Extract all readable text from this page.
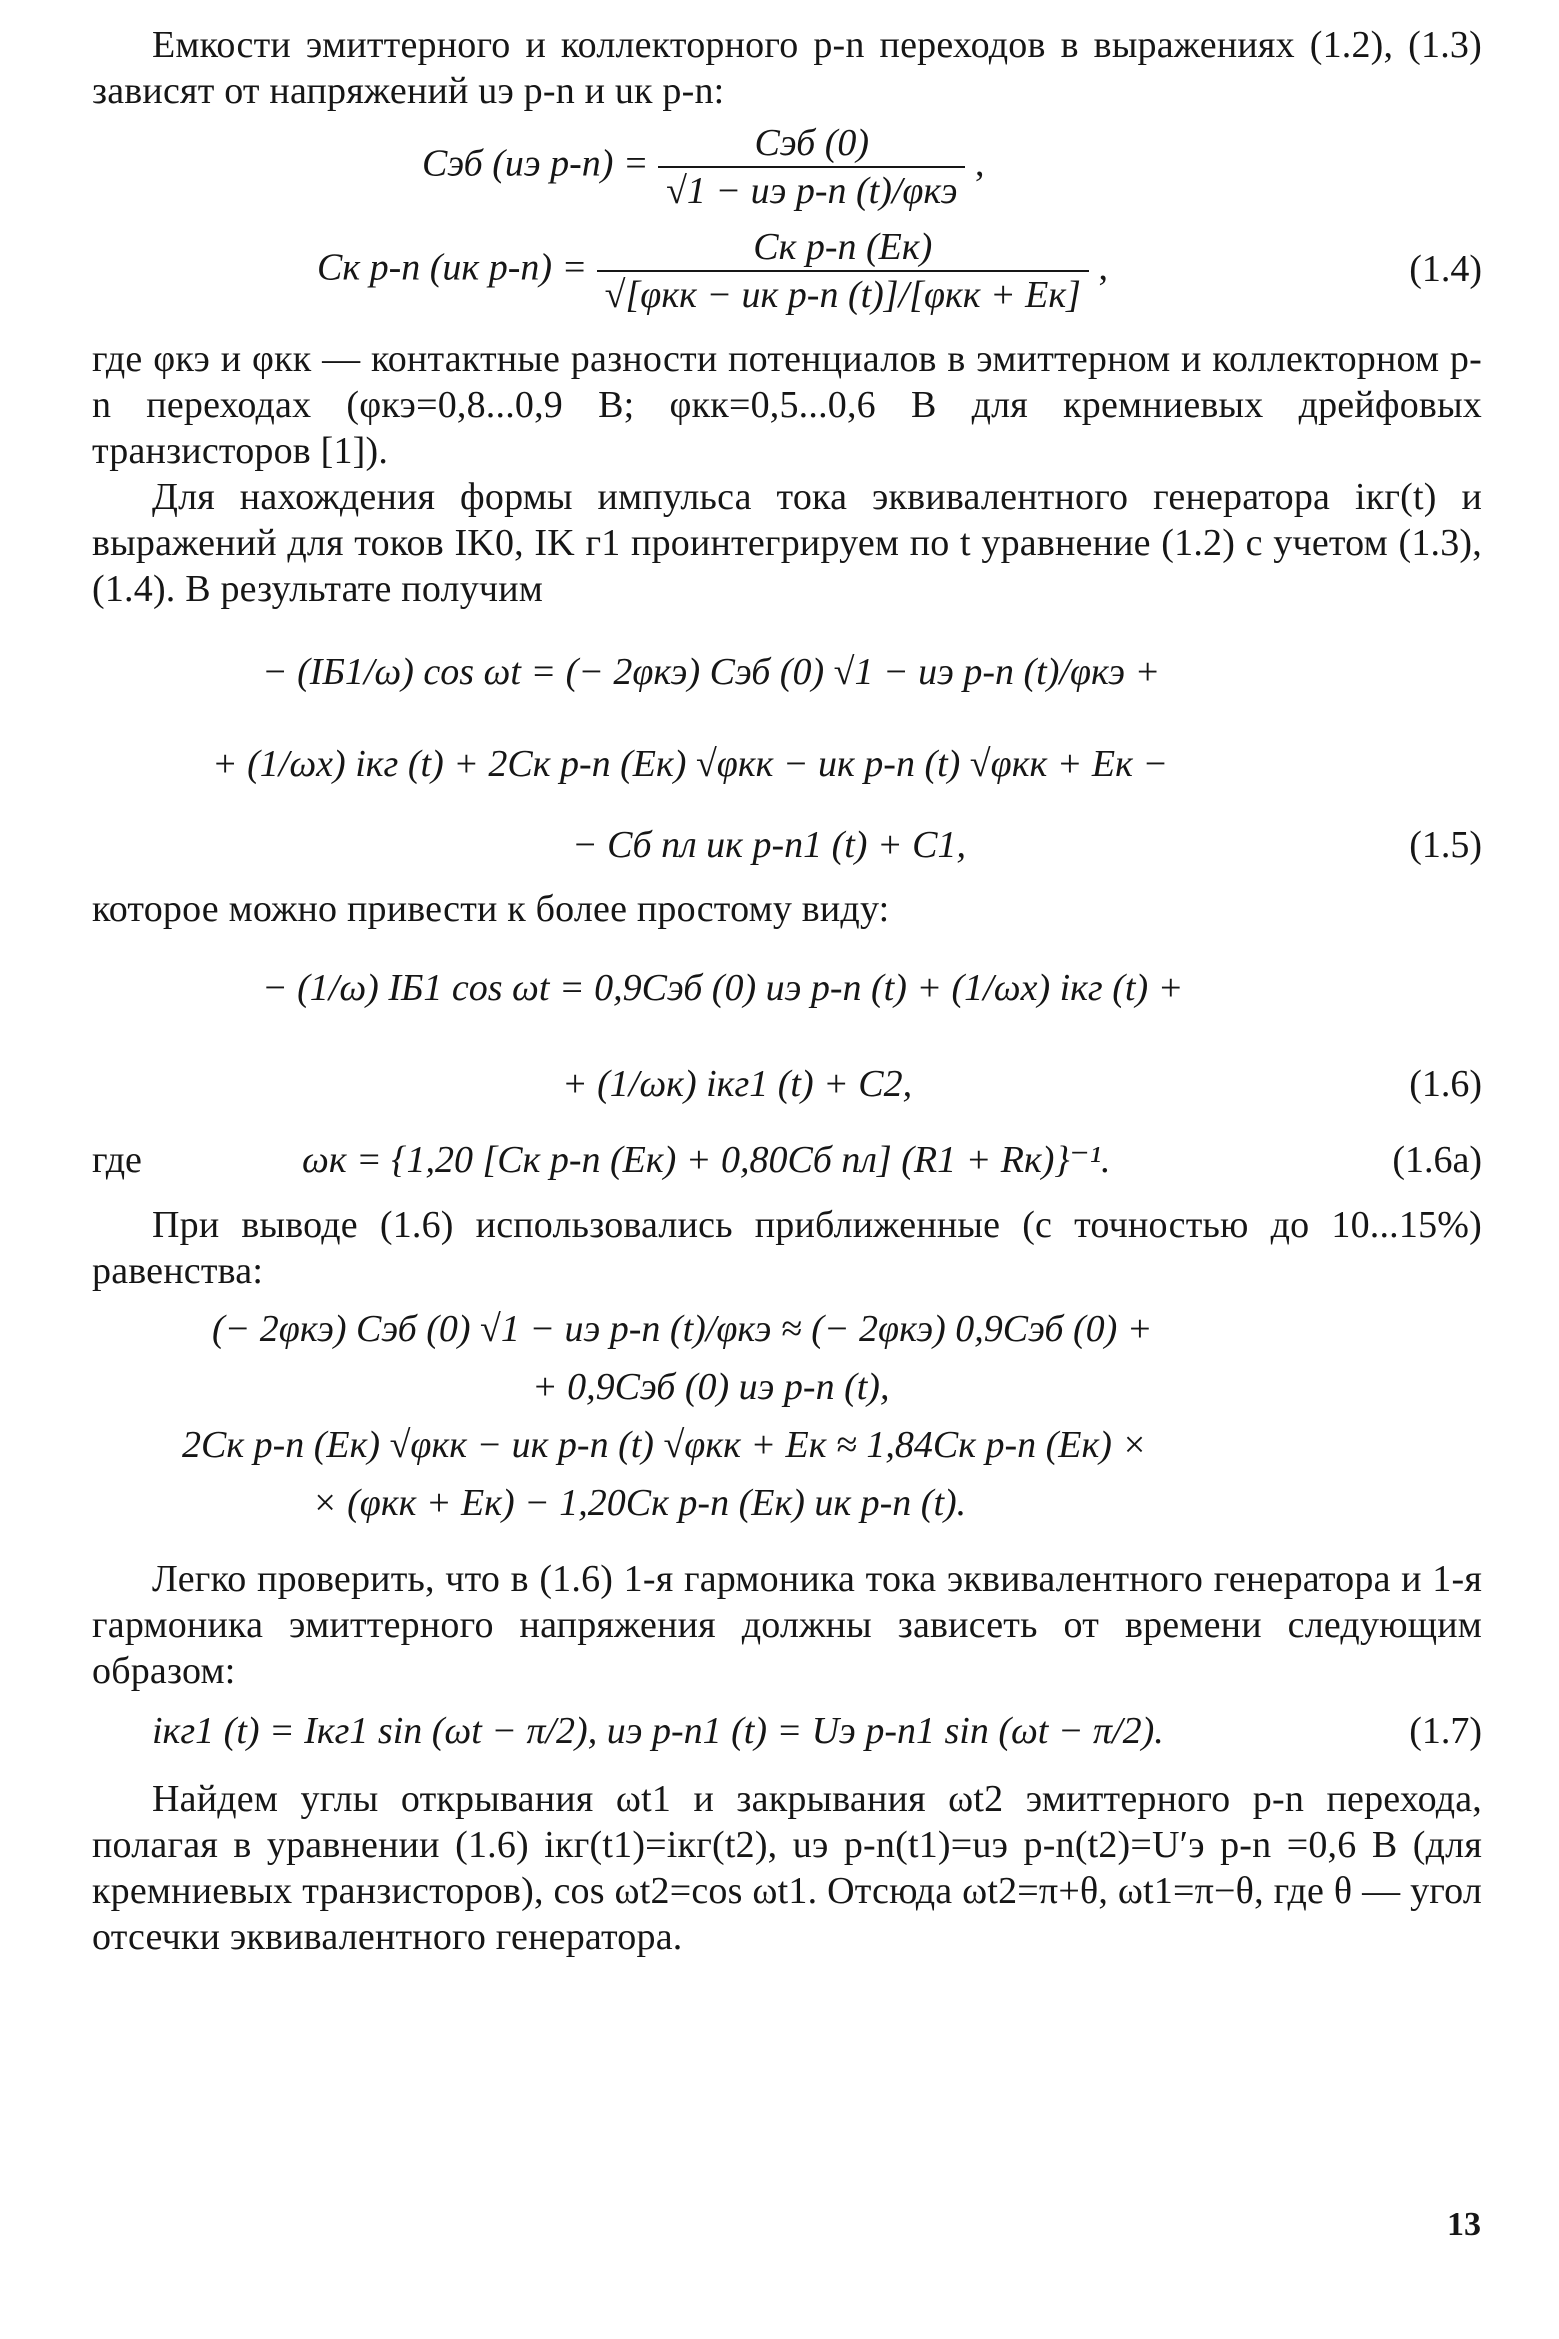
Емкости эмиттерного и коллекторного p-n переходов в выражениях (1.2), (1.3) зависят от напряжений uэ p-n и uк p-n:

Cэб (uэ $p-n) = \frac{\text{Cэб (0)}}{\text{√1 − uэ p-n (t)/φкэ}}$ ,
Cк p-n (uк $p-n) = \frac{\text{Cк p-n (Eк)}}{\text{√[φкк − uк p-n (t)]/[φкк + Eк]}}$ ,	(1.4)

где φкэ и φкк — контактные разности потенциалов в эмиттерном и коллекторном p-n переходах (φкэ=0,8...0,9 В; φкк=0,5...0,6 В для кремниевых дрейфовых транзисторов [1]).

Для нахождения формы импульса тока эквивалентного генератора iкг(t) и выражений для токов IK0, IK г1 проинтегрируем по t уравнение (1.2) с учетом (1.3), (1.4). В результате получим

− (IБ1/ω) cos ωt = (− 2φкэ) Cэб (0) √1 − uэ p-n (t)/φкэ +
+ (1/ωх) iкг (t) + 2Cк p-n (Eк) √φкк − uк p-n (t) √φкк + Eк −
− Cб пл uк p-n1 (t) + C1,	(1.5)

которое можно привести к более простому виду:

− (1/ω) IБ1 cos ωt = 0,9Cэб (0) uэ p-n (t) + (1/ωх) iкг (t) +
+ (1/ωк) iкг1 (t) + C2,	(1.6)
где	ωк = {1,20 [Cк p-n (Eк) + 0,80Cб пл] (R1 + Rк)}⁻¹.	(1.6а)

При выводе (1.6) использовались приближенные (с точностью до 10...15%) равенства:

(− 2φкэ) Cэб (0) √1 − uэ p-n (t)/φкэ ≈ (− 2φкэ) 0,9Cэб (0) +
+ 0,9Cэб (0) uэ p-n (t),
2Cк p-n (Eк) √φкк − uк p-n (t) √φкк + Eк ≈ 1,84Cк p-n (Eк) ×
× (φкк + Eк) − 1,20Cк p-n (Eк) uк p-n (t).

Легко проверить, что в (1.6) 1-я гармоника тока эквивалентного генератора и 1-я гармоника эмиттерного напряжения должны зависеть от времени следующим образом:

iкг1 (t) = Iкг1 sin (ωt − π/2), uэ p-n1 (t) = Uэ p-n1 sin (ωt − π/2).	(1.7)

Найдем углы открывания ωt1 и закрывания ωt2 эмиттерного p-n перехода, полагая в уравнении (1.6) iкг(t1)=iкг(t2), uэ p-n(t1)=uэ p-n(t2)=U′э p-n =0,6 В (для кремниевых транзисторов), cos ωt2=cos ωt1. Отсюда ωt2=π+θ, ωt1=π−θ, где θ — угол отсечки эквивалентного генератора.

13
